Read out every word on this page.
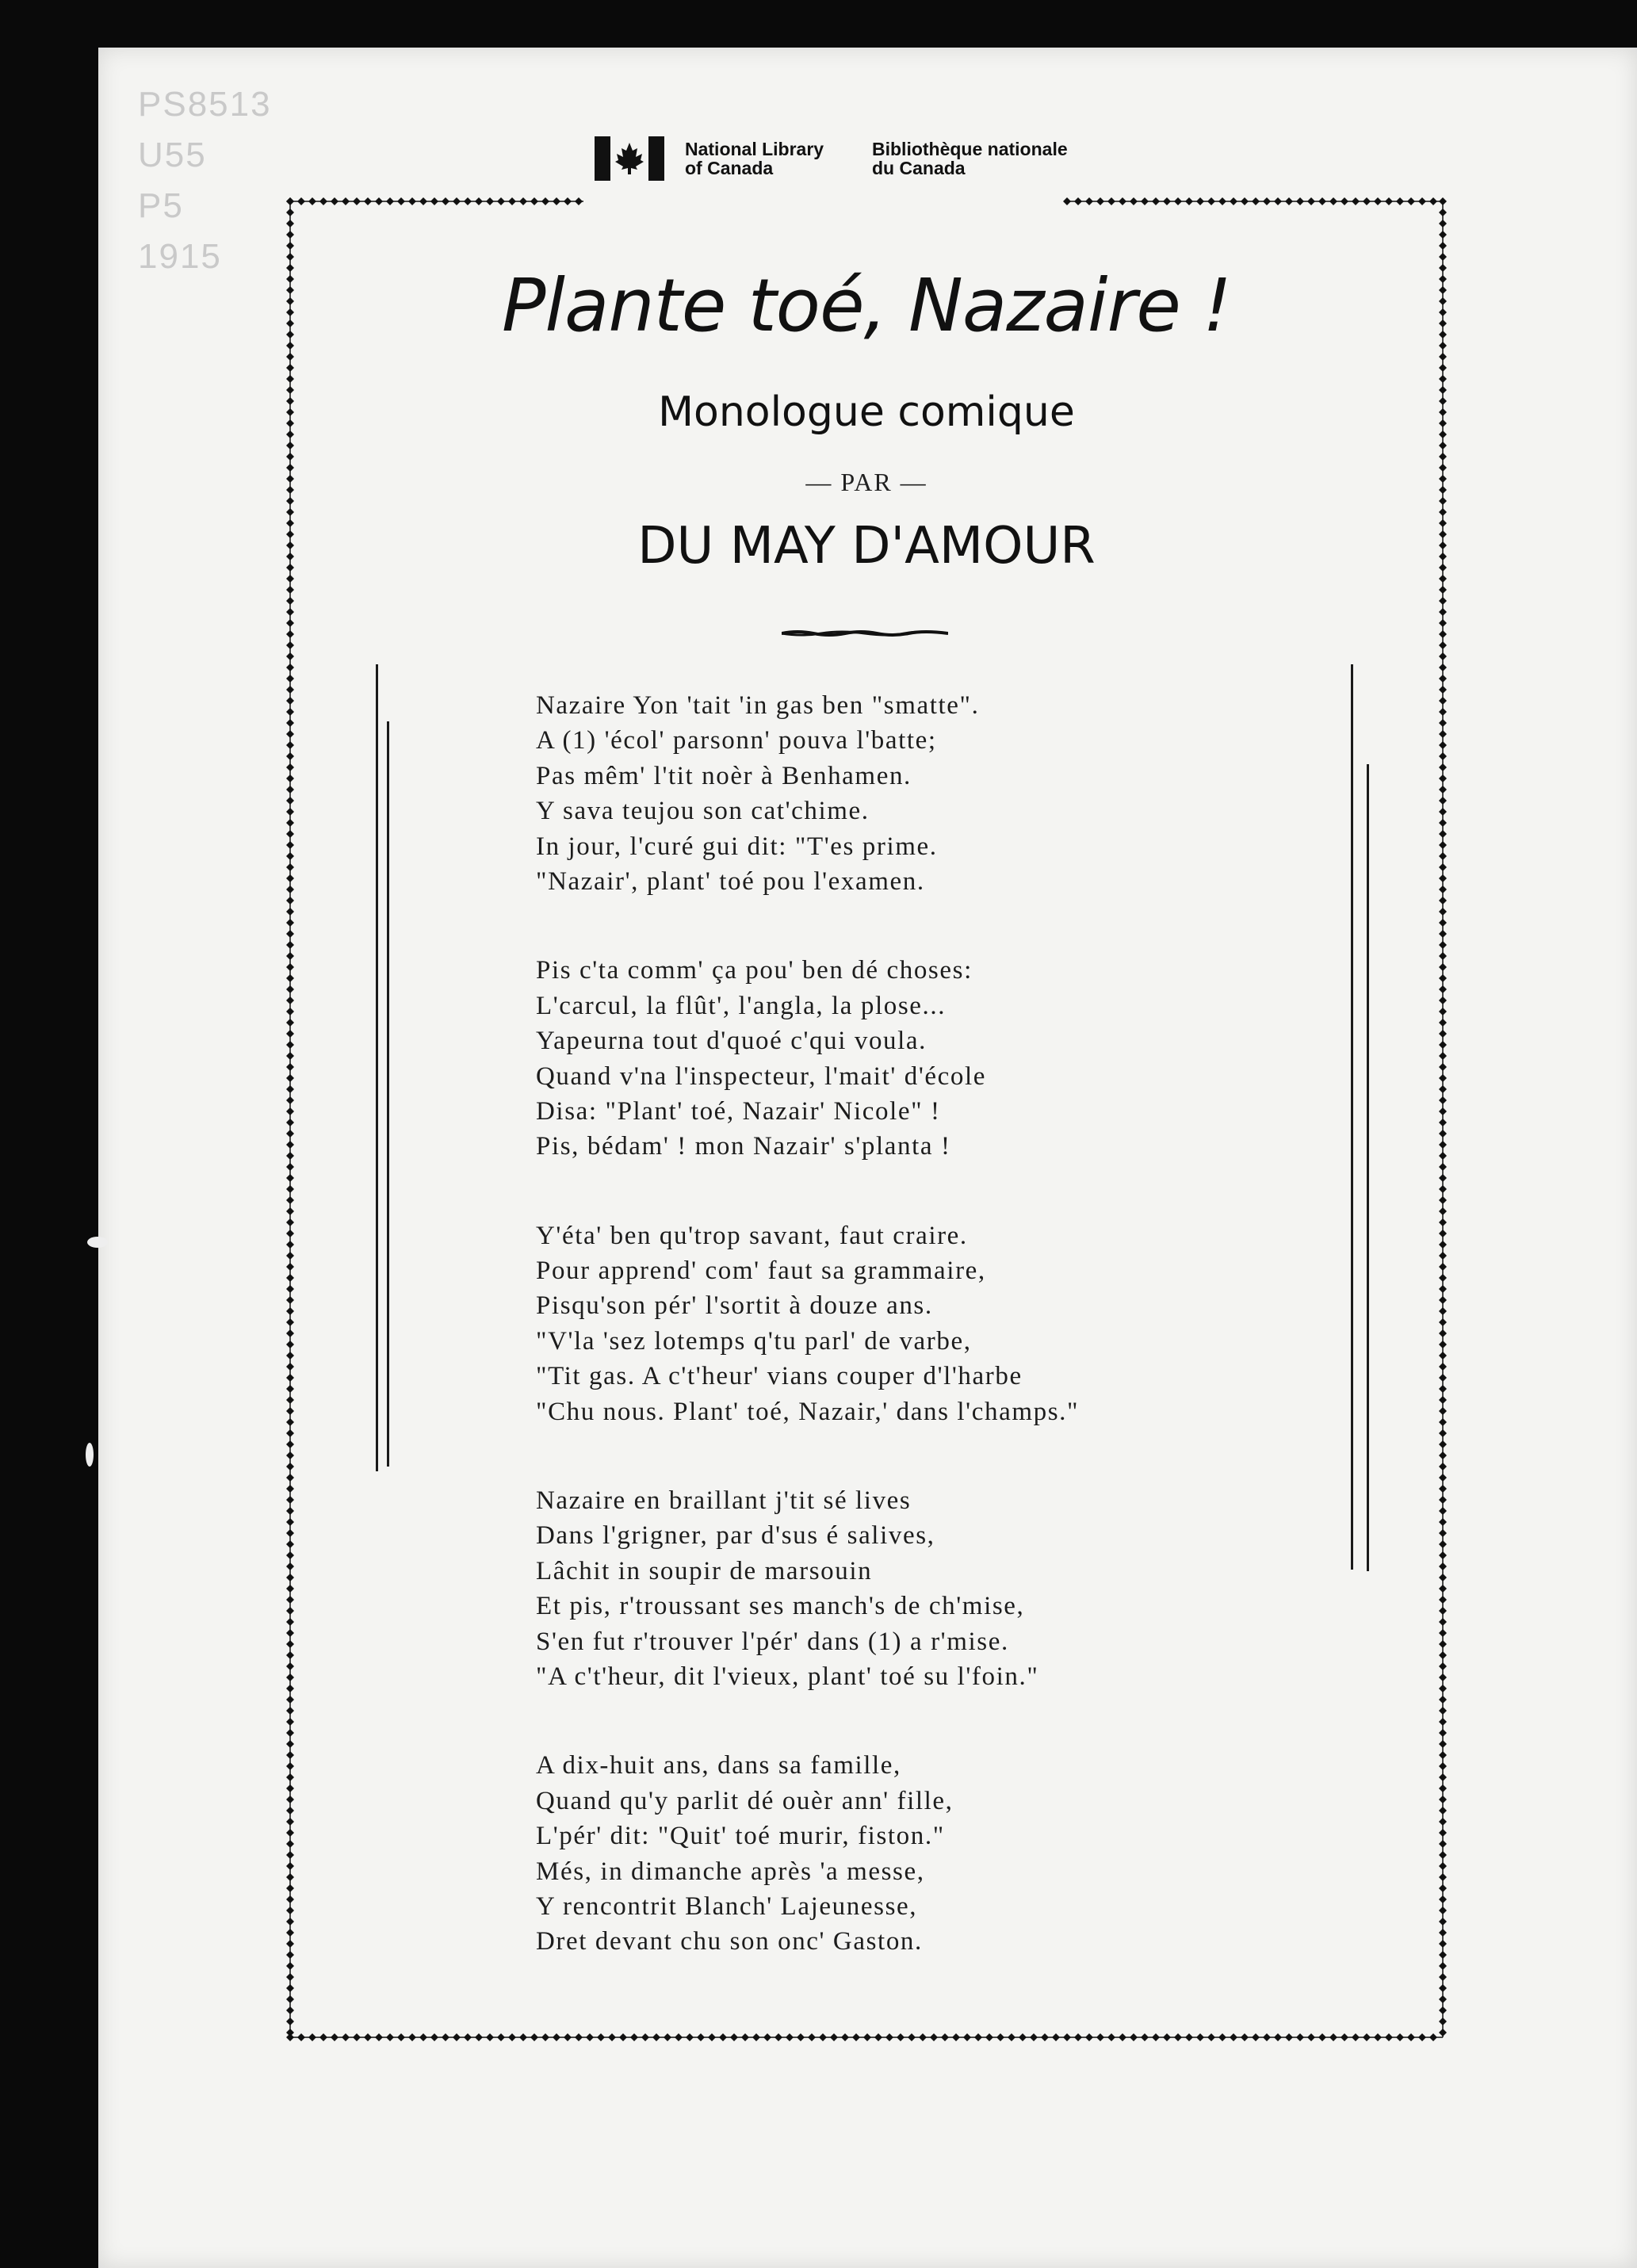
PS8513
U55
P5
1915
National Library
of Canada
Bibliothèque nationale
du Canada
Plante toé, Nazaire !
Monologue comique
— PAR —
DU MAY D'AMOUR
Nazaire Yon 'tait 'in gas ben "smatte".
A (1) 'écol' parsonn' pouva l'batte;
Pas mêm' l'tit noèr à Benhamen.
Y sava teujou son cat'chime.
In jour, l'curé gui dit: "T'es prime.
"Nazair', plant' toé pou l'examen.
Pis c'ta comm' ça pou' ben dé choses:
L'carcul, la flût', l'angla, la plose...
Yapeurna tout d'quoé c'qui voula.
Quand v'na l'inspecteur, l'mait' d'école
Disa: "Plant' toé, Nazair' Nicole" !
Pis, bédam' ! mon Nazair' s'planta !
Y'éta' ben qu'trop savant, faut craire.
Pour apprend' com' faut sa grammaire,
Pisqu'son pér' l'sortit à douze ans.
"V'la 'sez lotemps q'tu parl' de varbe,
"Tit gas. A c't'heur' vians couper d'l'harbe
"Chu nous. Plant' toé, Nazair,' dans l'champs."
Nazaire en braillant j'tit sé lives
Dans l'grigner, par d'sus é salives,
Lâchit in soupir de marsouin
Et pis, r'troussant ses manch's de ch'mise,
S'en fut r'trouver l'pér' dans (1) a r'mise.
"A c't'heur, dit l'vieux, plant' toé su l'foin."
A dix-huit ans, dans sa famille,
Quand qu'y parlit dé ouèr ann' fille,
L'pér' dit: "Quit' toé murir, fiston."
Més, in dimanche après 'a messe,
Y rencontrit Blanch' Lajeunesse,
Dret devant chu son onc' Gaston.
